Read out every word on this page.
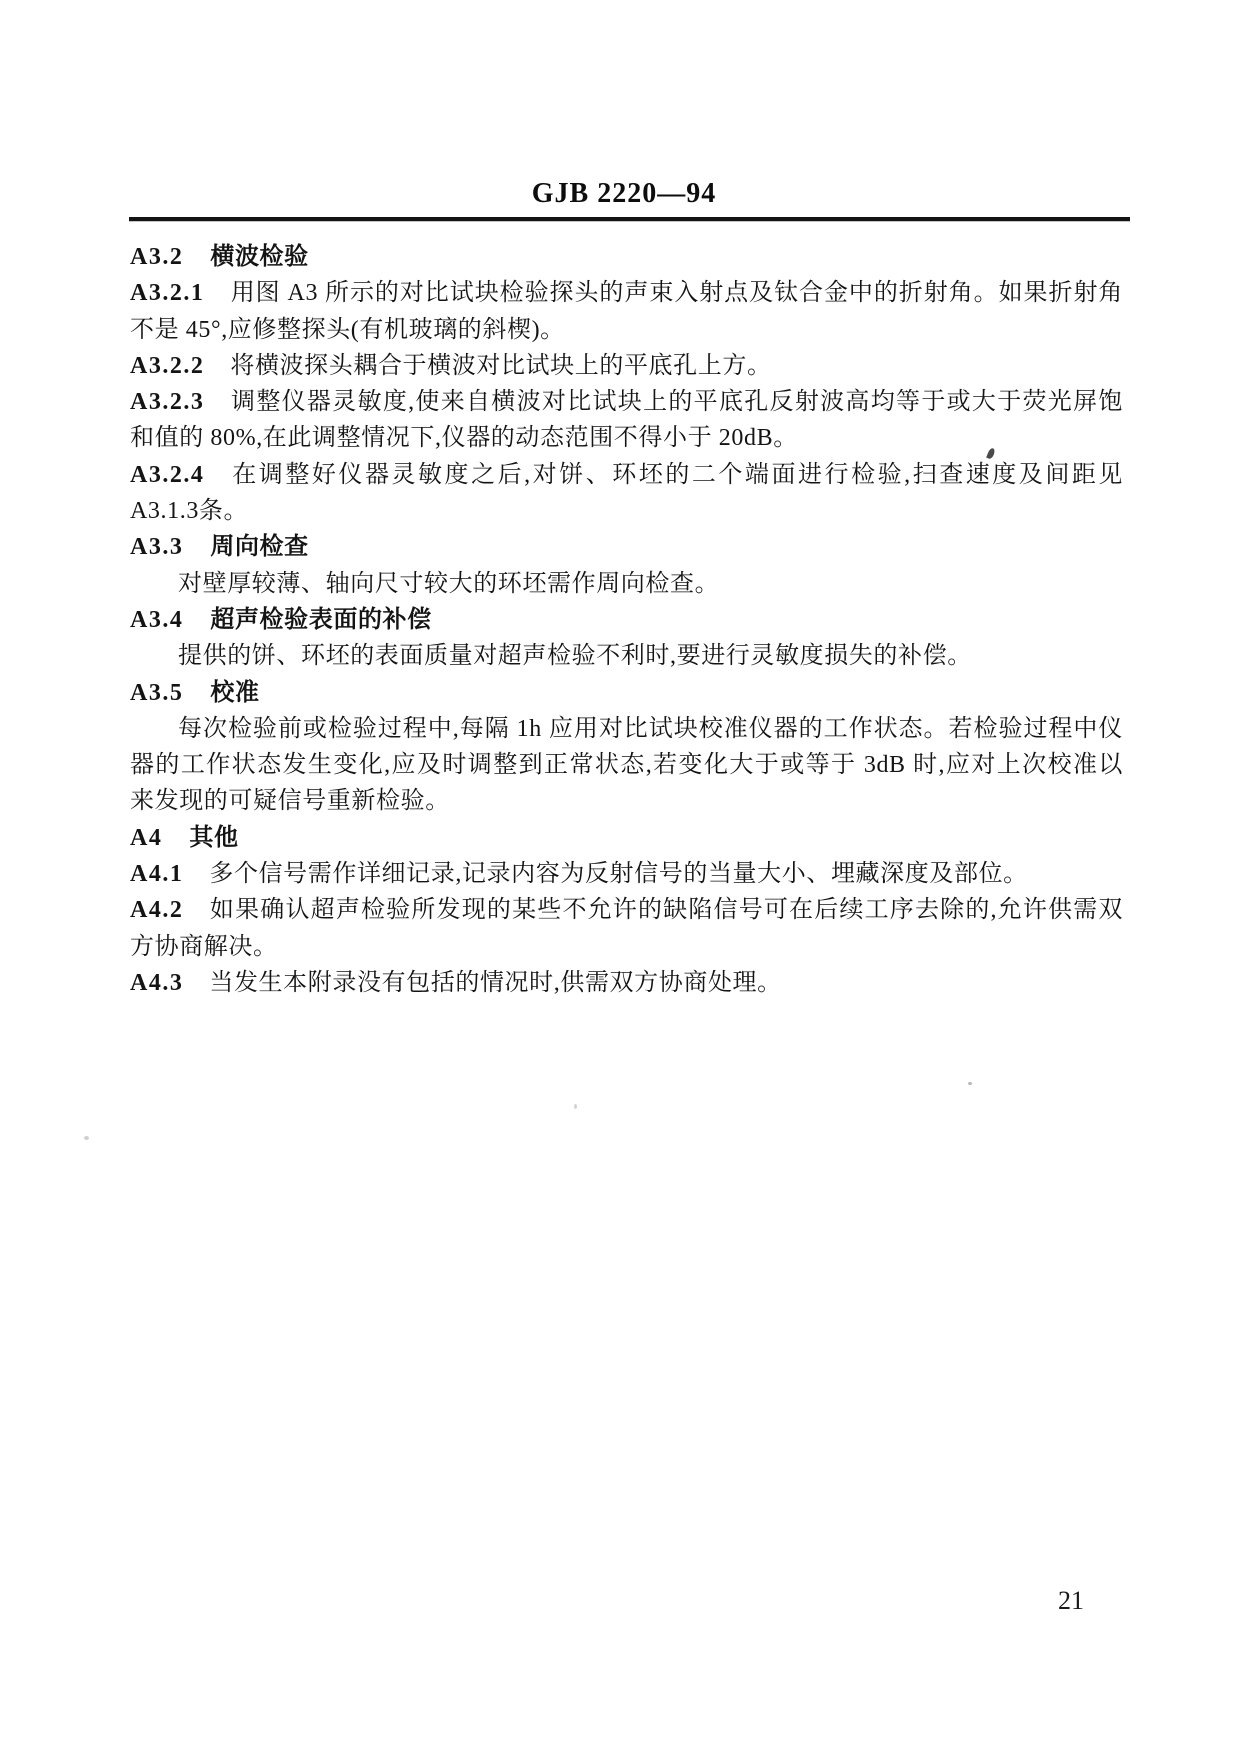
GJB 2220—94
A3.2 横波检验
A3.2.1 用图 A3 所示的对比试块检验探头的声束入射点及钛合金中的折射角。如果折射角
不是 45°,应修整探头(有机玻璃的斜楔)。
A3.2.2 将横波探头耦合于横波对比试块上的平底孔上方。
A3.2.3 调整仪器灵敏度,使来自横波对比试块上的平底孔反射波高均等于或大于荧光屏饱
和值的 80%,在此调整情况下,仪器的动态范围不得小于 20dB。
A3.2.4 在调整好仪器灵敏度之后,对饼、环坯的二个端面进行检验,扫查速度及间距见
A3.1.3条。
A3.3 周向检查
对壁厚较薄、轴向尺寸较大的环坯需作周向检查。
A3.4 超声检验表面的补偿
提供的饼、环坯的表面质量对超声检验不利时,要进行灵敏度损失的补偿。
A3.5 校准
每次检验前或检验过程中,每隔 1h 应用对比试块校准仪器的工作状态。若检验过程中仪
器的工作状态发生变化,应及时调整到正常状态,若变化大于或等于 3dB 时,应对上次校准以
来发现的可疑信号重新检验。
A4 其他
A4.1 多个信号需作详细记录,记录内容为反射信号的当量大小、埋藏深度及部位。
A4.2 如果确认超声检验所发现的某些不允许的缺陷信号可在后续工序去除的,允许供需双
方协商解决。
A4.3 当发生本附录没有包括的情况时,供需双方协商处理。
21
